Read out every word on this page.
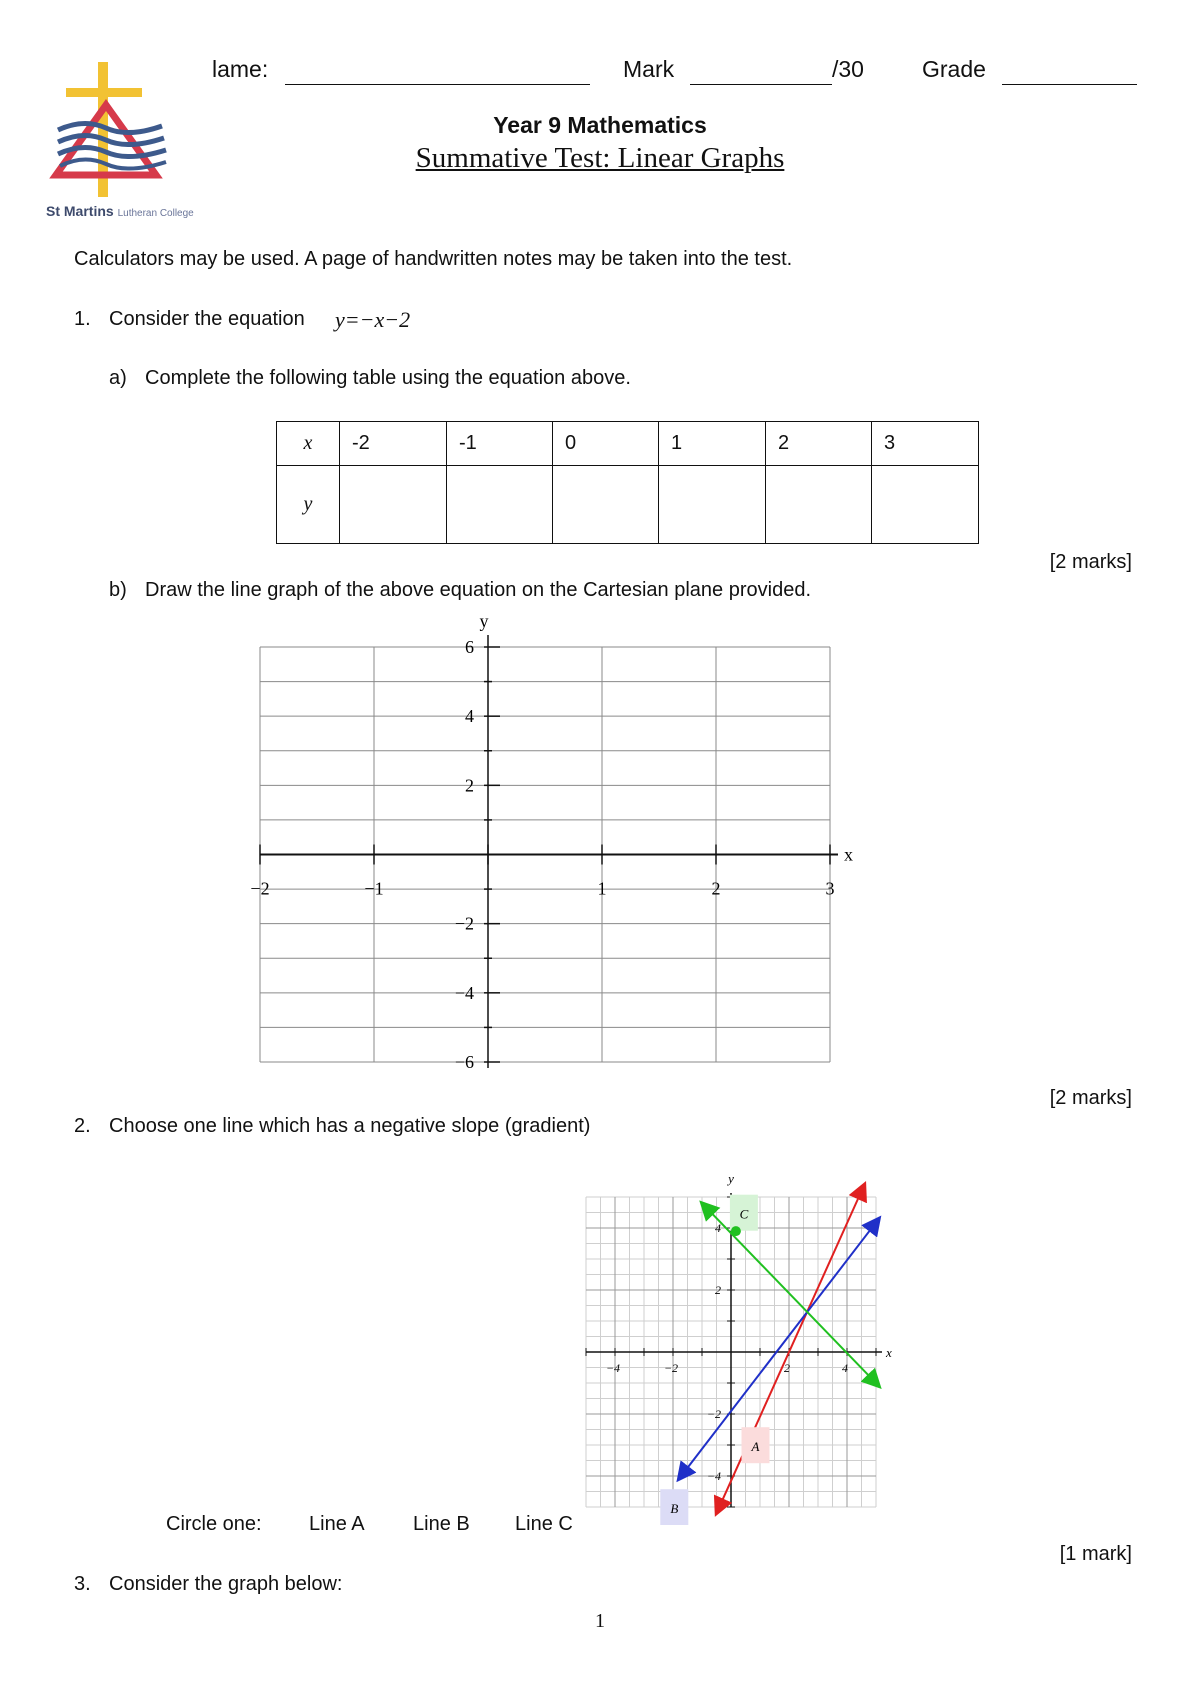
lame:	Mark	/30	Grade
St Martins Lutheran College
Year 9 Mathematics
Summative Test: Linear Graphs
Calculators may be used. A page of handwritten notes may be taken into the test.
1. Consider the equation y=−x−2
a) Complete the following table using the equation above.
x	-2	-1	0	1	2	3
y						
[2 marks]
b) Draw the line graph of the above equation on the Cartesian plane provided.
−2	−1	1	2	3
6
4
2
−2
−4
−6
x
y
[2 marks]
2. Choose one line which has a negative slope (gradient)
−4	−2	2	4
4
2
−2
−4
x
y
A
B
C
Circle one: Line A Line B Line C
[1 mark]
3. Consider the graph below:
1
